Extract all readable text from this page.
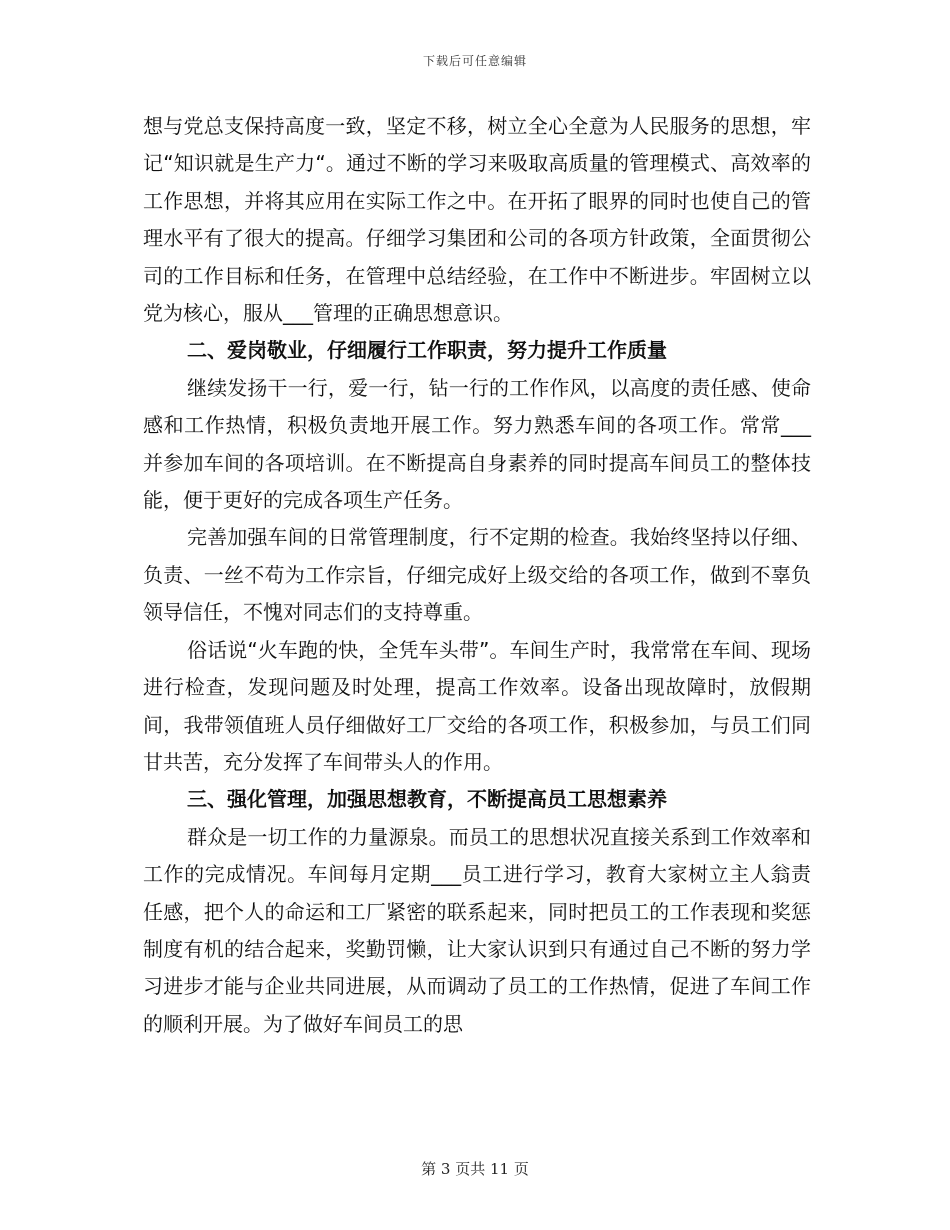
下载后可任意编辑

想与党总支保持高度一致，坚定不移，树立全心全意为人民服务的思想，牢记“知识就是生产力“。通过不断的学习来吸取高质量的管理模式、高效率的工作思想，并将其应用在实际工作之中。在开拓了眼界的同时也使自己的管理水平有了很大的提高。仔细学习集团和公司的各项方针政策，全面贯彻公司的工作目标和任务，在管理中总结经验，在工作中不断进步。牢固树立以党为核心，服从___管理的正确思想意识。

二、爱岗敬业，仔细履行工作职责，努力提升工作质量

继续发扬干一行，爱一行，钻一行的工作作风，以高度的责任感、使命感和工作热情，积极负责地开展工作。努力熟悉车间的各项工作。常常___并参加车间的各项培训。在不断提高自身素养的同时提高车间员工的整体技能，便于更好的完成各项生产任务。

完善加强车间的日常管理制度，行不定期的检查。我始终坚持以仔细、负责、一丝不苟为工作宗旨，仔细完成好上级交给的各项工作，做到不辜负领导信任，不愧对同志们的支持尊重。

俗话说“火车跑的快，全凭车头带”。车间生产时，我常常在车间、现场进行检查，发现问题及时处理，提高工作效率。设备出现故障时，放假期间，我带领值班人员仔细做好工厂交给的各项工作，积极参加，与员工们同甘共苦，充分发挥了车间带头人的作用。

三、强化管理，加强思想教育，不断提高员工思想素养

群众是一切工作的力量源泉。而员工的思想状况直接关系到工作效率和工作的完成情况。车间每月定期___员工进行学习，教育大家树立主人翁责任感，把个人的命运和工厂紧密的联系起来，同时把员工的工作表现和奖惩制度有机的结合起来，奖勤罚懒，让大家认识到只有通过自己不断的努力学习进步才能与企业共同进展，从而调动了员工的工作热情，促进了车间工作的顺利开展。为了做好车间员工的思

第 3 页共 11 页
